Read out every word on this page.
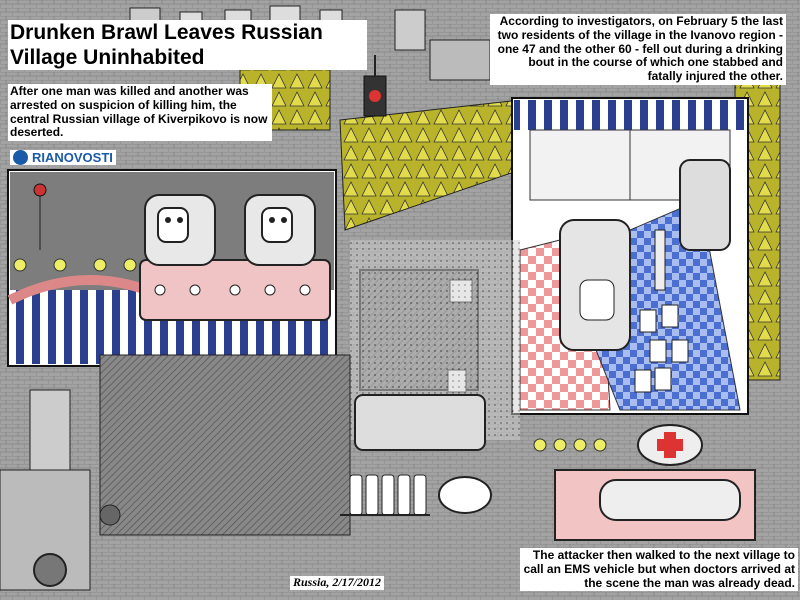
Drunken Brawl Leaves Russian
Village Uninhabited
After one man was killed and another was arrested on suspicion of killing him, the central Russian village of Kiverpikovo is now deserted.
RIANOVOSTI
According to investigators, on February 5 the last two residents of the village in the Ivanovo region - one 47 and the other 60 - fell out during a drinking bout in the course of which one stabbed and fatally injured the other.
The attacker then walked to the next village to call an EMS vehicle but when doctors arrived at the scene the man was already dead.
Russia, 2/17/2012
